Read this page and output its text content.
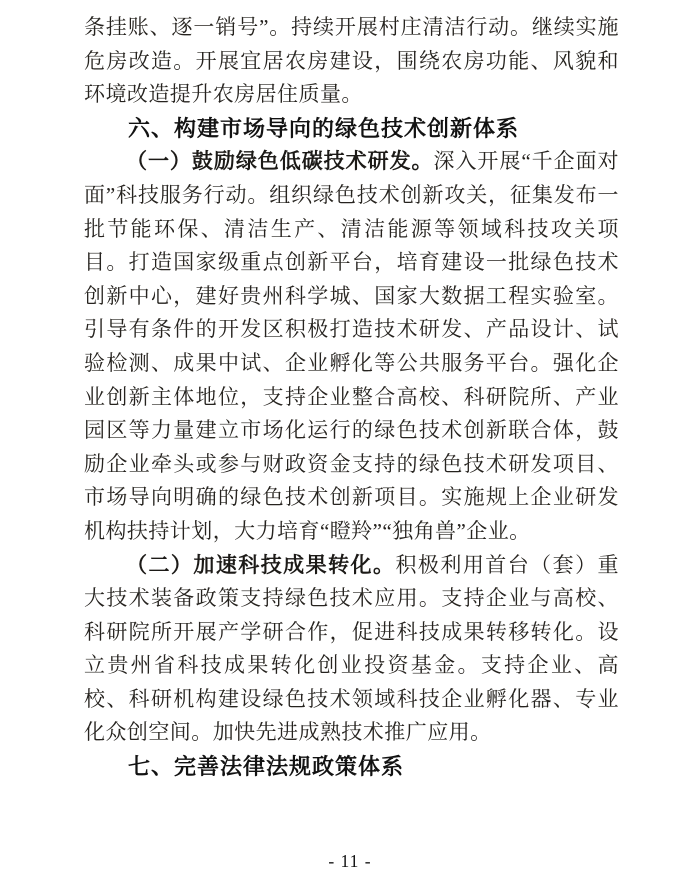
条挂账、逐一销号”。持续开展村庄清洁行动。继续实施危房改造。开展宜居农房建设，围绕农房功能、风貌和环境改造提升农房居住质量。

六、构建市场导向的绿色技术创新体系

（一）鼓励绿色低碳技术研发。深入开展“千企面对面”科技服务行动。组织绿色技术创新攻关，征集发布一批节能环保、清洁生产、清洁能源等领域科技攻关项目。打造国家级重点创新平台，培育建设一批绿色技术创新中心，建好贵州科学城、国家大数据工程实验室。引导有条件的开发区积极打造技术研发、产品设计、试验检测、成果中试、企业孵化等公共服务平台。强化企业创新主体地位，支持企业整合高校、科研院所、产业园区等力量建立市场化运行的绿色技术创新联合体，鼓励企业牵头或参与财政资金支持的绿色技术研发项目、市场导向明确的绿色技术创新项目。实施规上企业研发机构扶持计划，大力培育“瞪羚”“独角兽”企业。

（二）加速科技成果转化。积极利用首台（套）重大技术装备政策支持绿色技术应用。支持企业与高校、科研院所开展产学研合作，促进科技成果转移转化。设立贵州省科技成果转化创业投资基金。支持企业、高校、科研机构建设绿色技术领域科技企业孵化器、专业化众创空间。加快先进成熟技术推广应用。

七、完善法律法规政策体系
- 11 -
